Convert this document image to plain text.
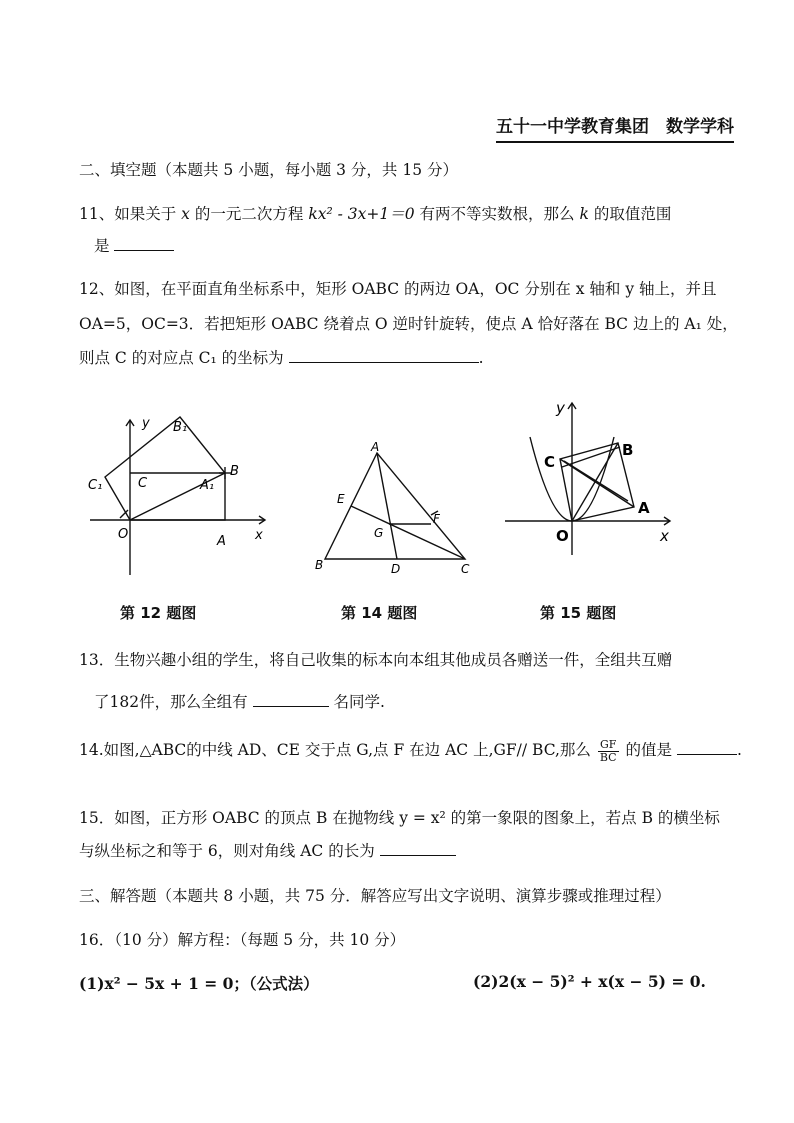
五十一中学教育集团　数学学科
二、填空题（本题共 5 小题，每小题 3 分，共 15 分）
11、如果关于 x 的一元二次方程 kx² - 3x+1＝0 有两不等实数根，那么 k 的取值范围
是
12、如图，在平面直角坐标系中，矩形 OABC 的两边 OA，OC 分别在 x 轴和 y 轴上，并且
OA=5，OC=3．若把矩形 OABC 绕着点 O 逆时针旋转，使点 A 恰好落在 BC 边上的 A₁ 处，
则点 C 的对应点 C₁ 的坐标为	.
y
x
B₁
C₁	C	A₁
B
O	A
A
E
F
G
B	D	C
y
B
C
A
O	x
第 12 题图	第 14 题图	第 15 题图
13．生物兴趣小组的学生，将自己收集的标本向本组其他成员各赠送一件，全组共互赠
了182件，那么全组有	名同学.
14.如图,△ABC的中线 AD、CE 交于点 G,点 F 在边 AC 上,GF// BC,那么 $\frac{GF}{BC}$ 的值是	.
15．如图，正方形 OABC 的顶点 B 在抛物线 y = x² 的第一象限的图象上，若点 B 的横坐标
与纵坐标之和等于 6，则对角线 AC 的长为
三、解答题（本题共 8 小题，共 75 分．解答应写出文字说明、演算步骤或推理过程）
16．（10 分）解方程：（每题 5 分，共 10 分）
(1)x² − 5x + 1 = 0；（公式法）	(2)2(x − 5)² + x(x − 5) = 0.
